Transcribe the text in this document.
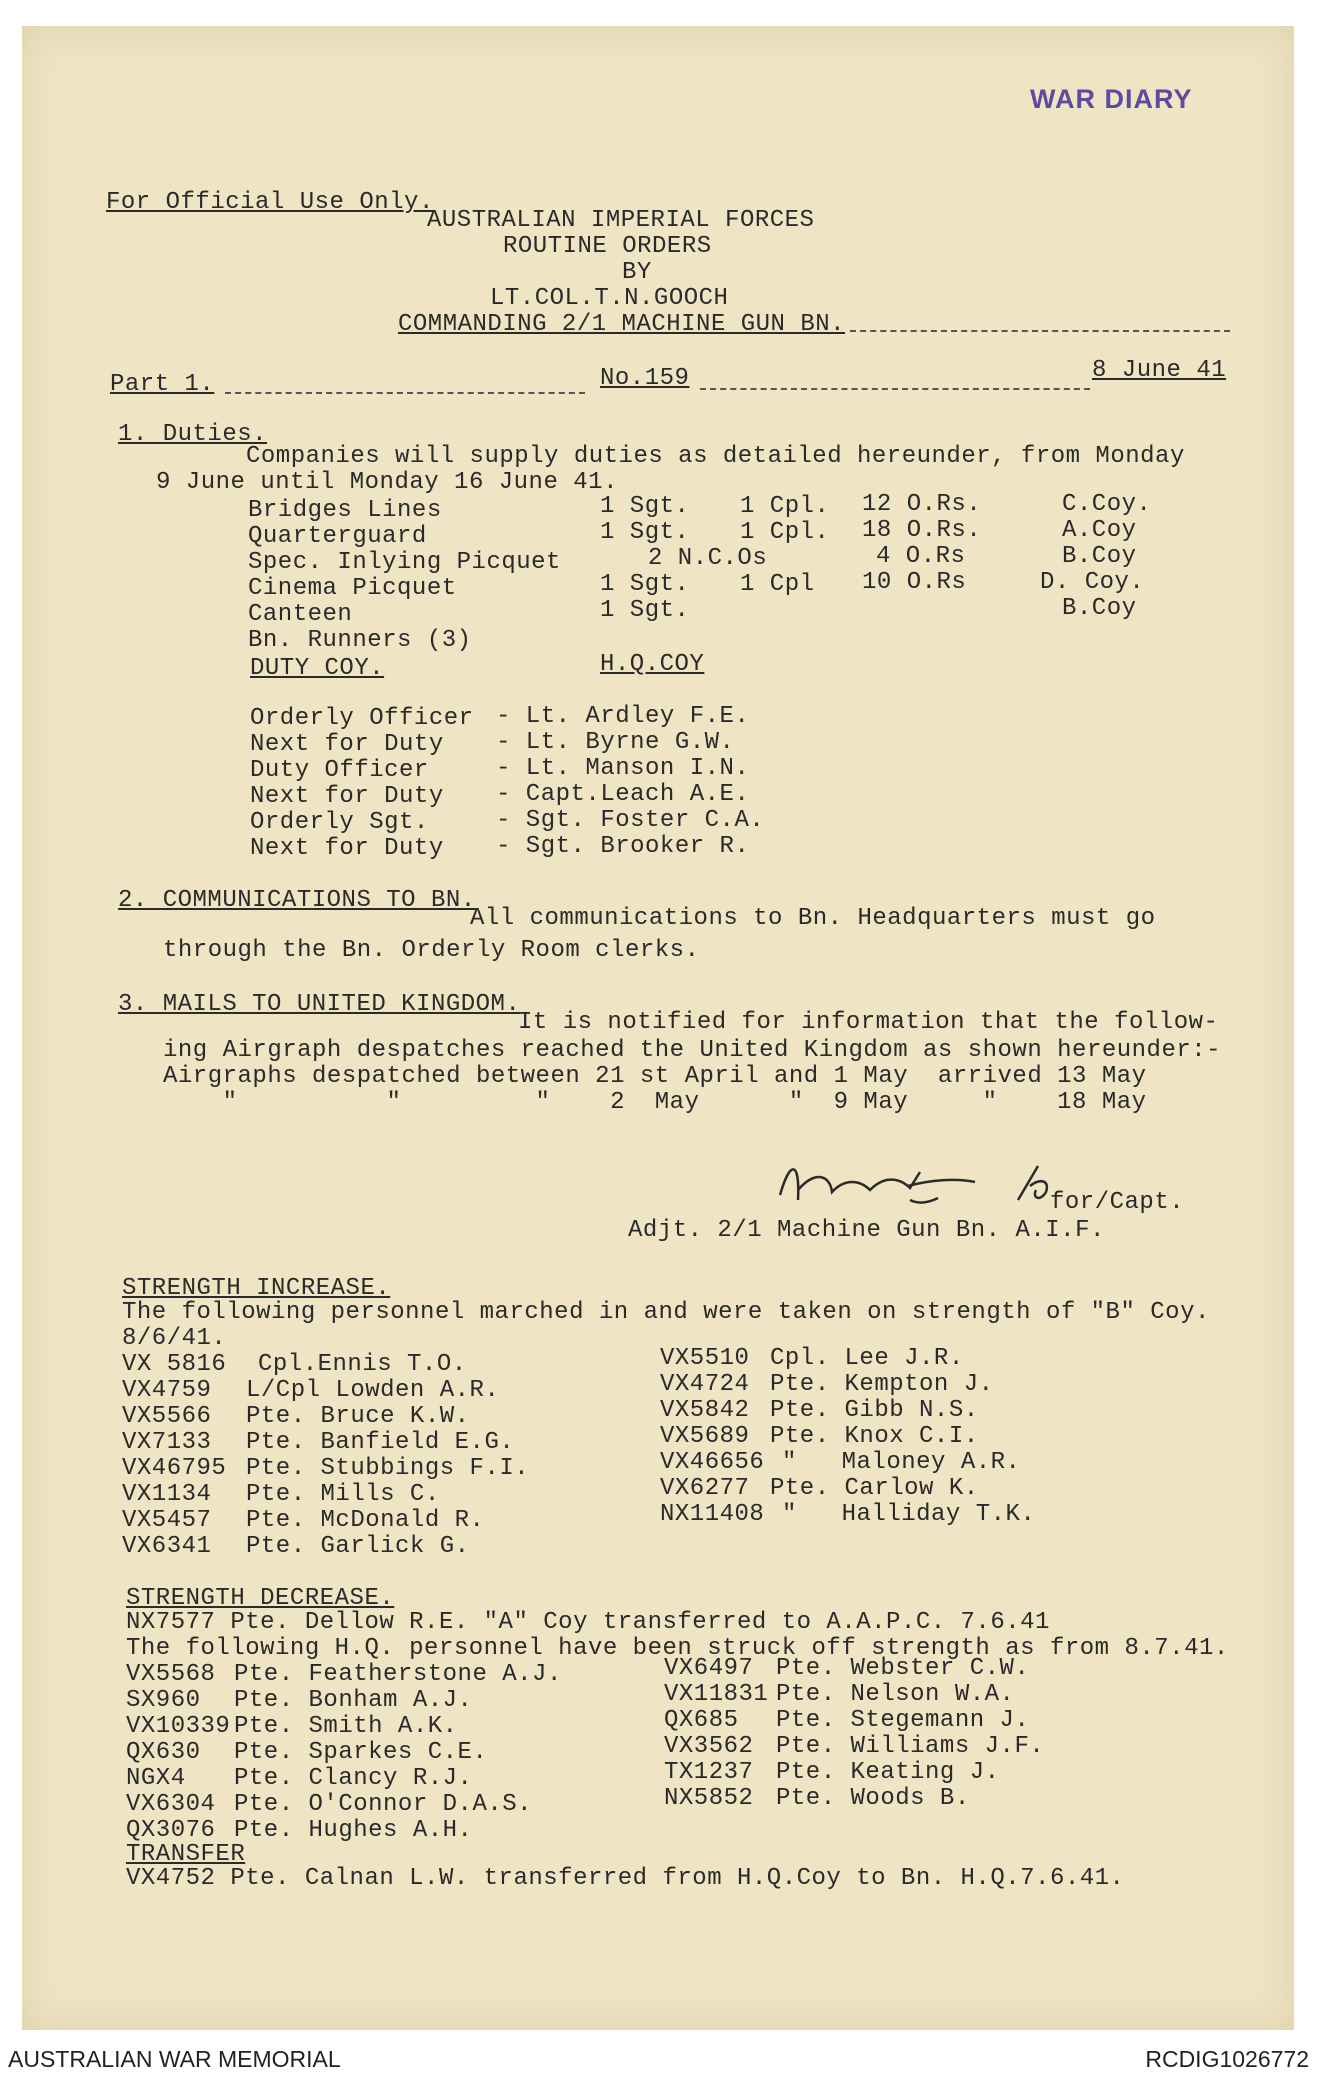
WAR DIARY
For Official Use Only.
AUSTRALIAN IMPERIAL FORCES
ROUTINE ORDERS
BY
LT.COL.T.N.GOOCH
COMMANDING 2/1 MACHINE GUN BN.
Part 1.	No.159	8 June 41
1. Duties.
Companies will supply duties as detailed hereunder, from Monday
9 June until Monday 16 June 41.
Bridges Lines	1 Sgt. 1 Cpl. 12 O.Rs.	C.Coy.
Quarterguard	1 Sgt. 1 Cpl. 18 O.Rs.	A.Coy
Spec. Inlying Picquet	2 N.C.Os	4 O.Rs	B.Coy
Cinema Picquet	1 Sgt. 1 Cpl 10 O.Rs	D. Coy.
Canteen	1 Sgt.	B.Coy
Bn. Runners (3)
DUTY COY.	H.Q.COY
Orderly Officer - Lt. Ardley F.E.
Next for Duty - Lt. Byrne G.W.
Duty Officer	- Lt. Manson I.N.
Next for Duty - Capt.Leach A.E.
Orderly Sgt.	- Sgt. Foster C.A.
Next for Duty - Sgt. Brooker R.
2. COMMUNICATIONS TO BN.
All communications to Bn. Headquarters must go
through the Bn. Orderly Room clerks.
3. MAILS TO UNITED KINGDOM.
It is notified for information that the follow-
ing Airgraph despatches reached the United Kingdom as shown hereunder:-
Airgraphs despatched between 21 st April and 1 May  arrived 13 May
"          "         "    2  May      "  9 May     "    18 May
for/Capt.
Adjt. 2/1 Machine Gun Bn. A.I.F.
STRENGTH INCREASE.
The following personnel marched in and were taken on strength of "B" Coy.
8/6/41.
VX 5816 Cpl.Ennis T.O.
VX4759 L/Cpl Lowden A.R.
VX5566 Pte. Bruce K.W.
VX7133 Pte. Banfield E.G.
VX46795 Pte. Stubbings F.I.
VX1134 Pte. Mills C.
VX5457 Pte. McDonald R.
VX6341 Pte. Garlick G.
VX5510 Cpl. Lee J.R.
VX4724 Pte. Kempton J.
VX5842 Pte. Gibb N.S.
VX5689 Pte. Knox C.I.
VX46656 "   Maloney A.R.
VX6277 Pte. Carlow K.
NX11408 "   Halliday T.K.
STRENGTH DECREASE.
NX7577 Pte. Dellow R.E. "A" Coy transferred to A.A.P.C. 7.6.41
The following H.Q. personnel have been struck off strength as from 8.7.41.
VX5568 Pte. Featherstone A.J.
SX960 Pte. Bonham A.J.
VX10339 Pte. Smith A.K.
QX630 Pte. Sparkes C.E.
NGX4 Pte. Clancy R.J.
VX6304 Pte. O'Connor D.A.S.
QX3076 Pte. Hughes A.H.
VX6497 Pte. Webster C.W.
VX11831 Pte. Nelson W.A.
QX685 Pte. Stegemann J.
VX3562 Pte. Williams J.F.
TX1237 Pte. Keating J.
NX5852 Pte. Woods B.
TRANSFER
VX4752 Pte. Calnan L.W. transferred from H.Q.Coy to Bn. H.Q.7.6.41.
AUSTRALIAN WAR MEMORIAL	RCDIG1026772
